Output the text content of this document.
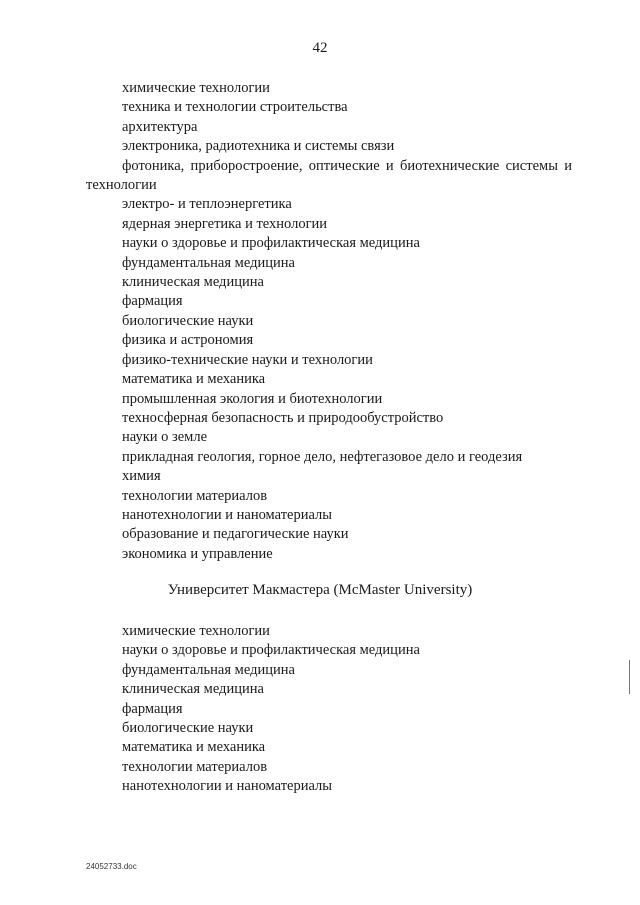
42
химические технологии
техника и технологии строительства
архитектура
электроника, радиотехника и системы связи
фотоника, приборостроение, оптические и биотехнические системы и технологии
электро- и теплоэнергетика
ядерная энергетика и технологии
науки о здоровье и профилактическая медицина
фундаментальная медицина
клиническая медицина
фармация
биологические науки
физика и астрономия
физико-технические науки и технологии
математика и механика
промышленная экология и биотехнологии
техносферная безопасность и природообустройство
науки о земле
прикладная геология, горное дело, нефтегазовое дело и геодезия
химия
технологии материалов
нанотехнологии и наноматериалы
образование и педагогические науки
экономика и управление
Университет Макмастера (McMaster University)
химические технологии
науки о здоровье и профилактическая медицина
фундаментальная медицина
клиническая медицина
фармация
биологические науки
математика и механика
технологии материалов
нанотехнологии и наноматериалы
24052733.doc
